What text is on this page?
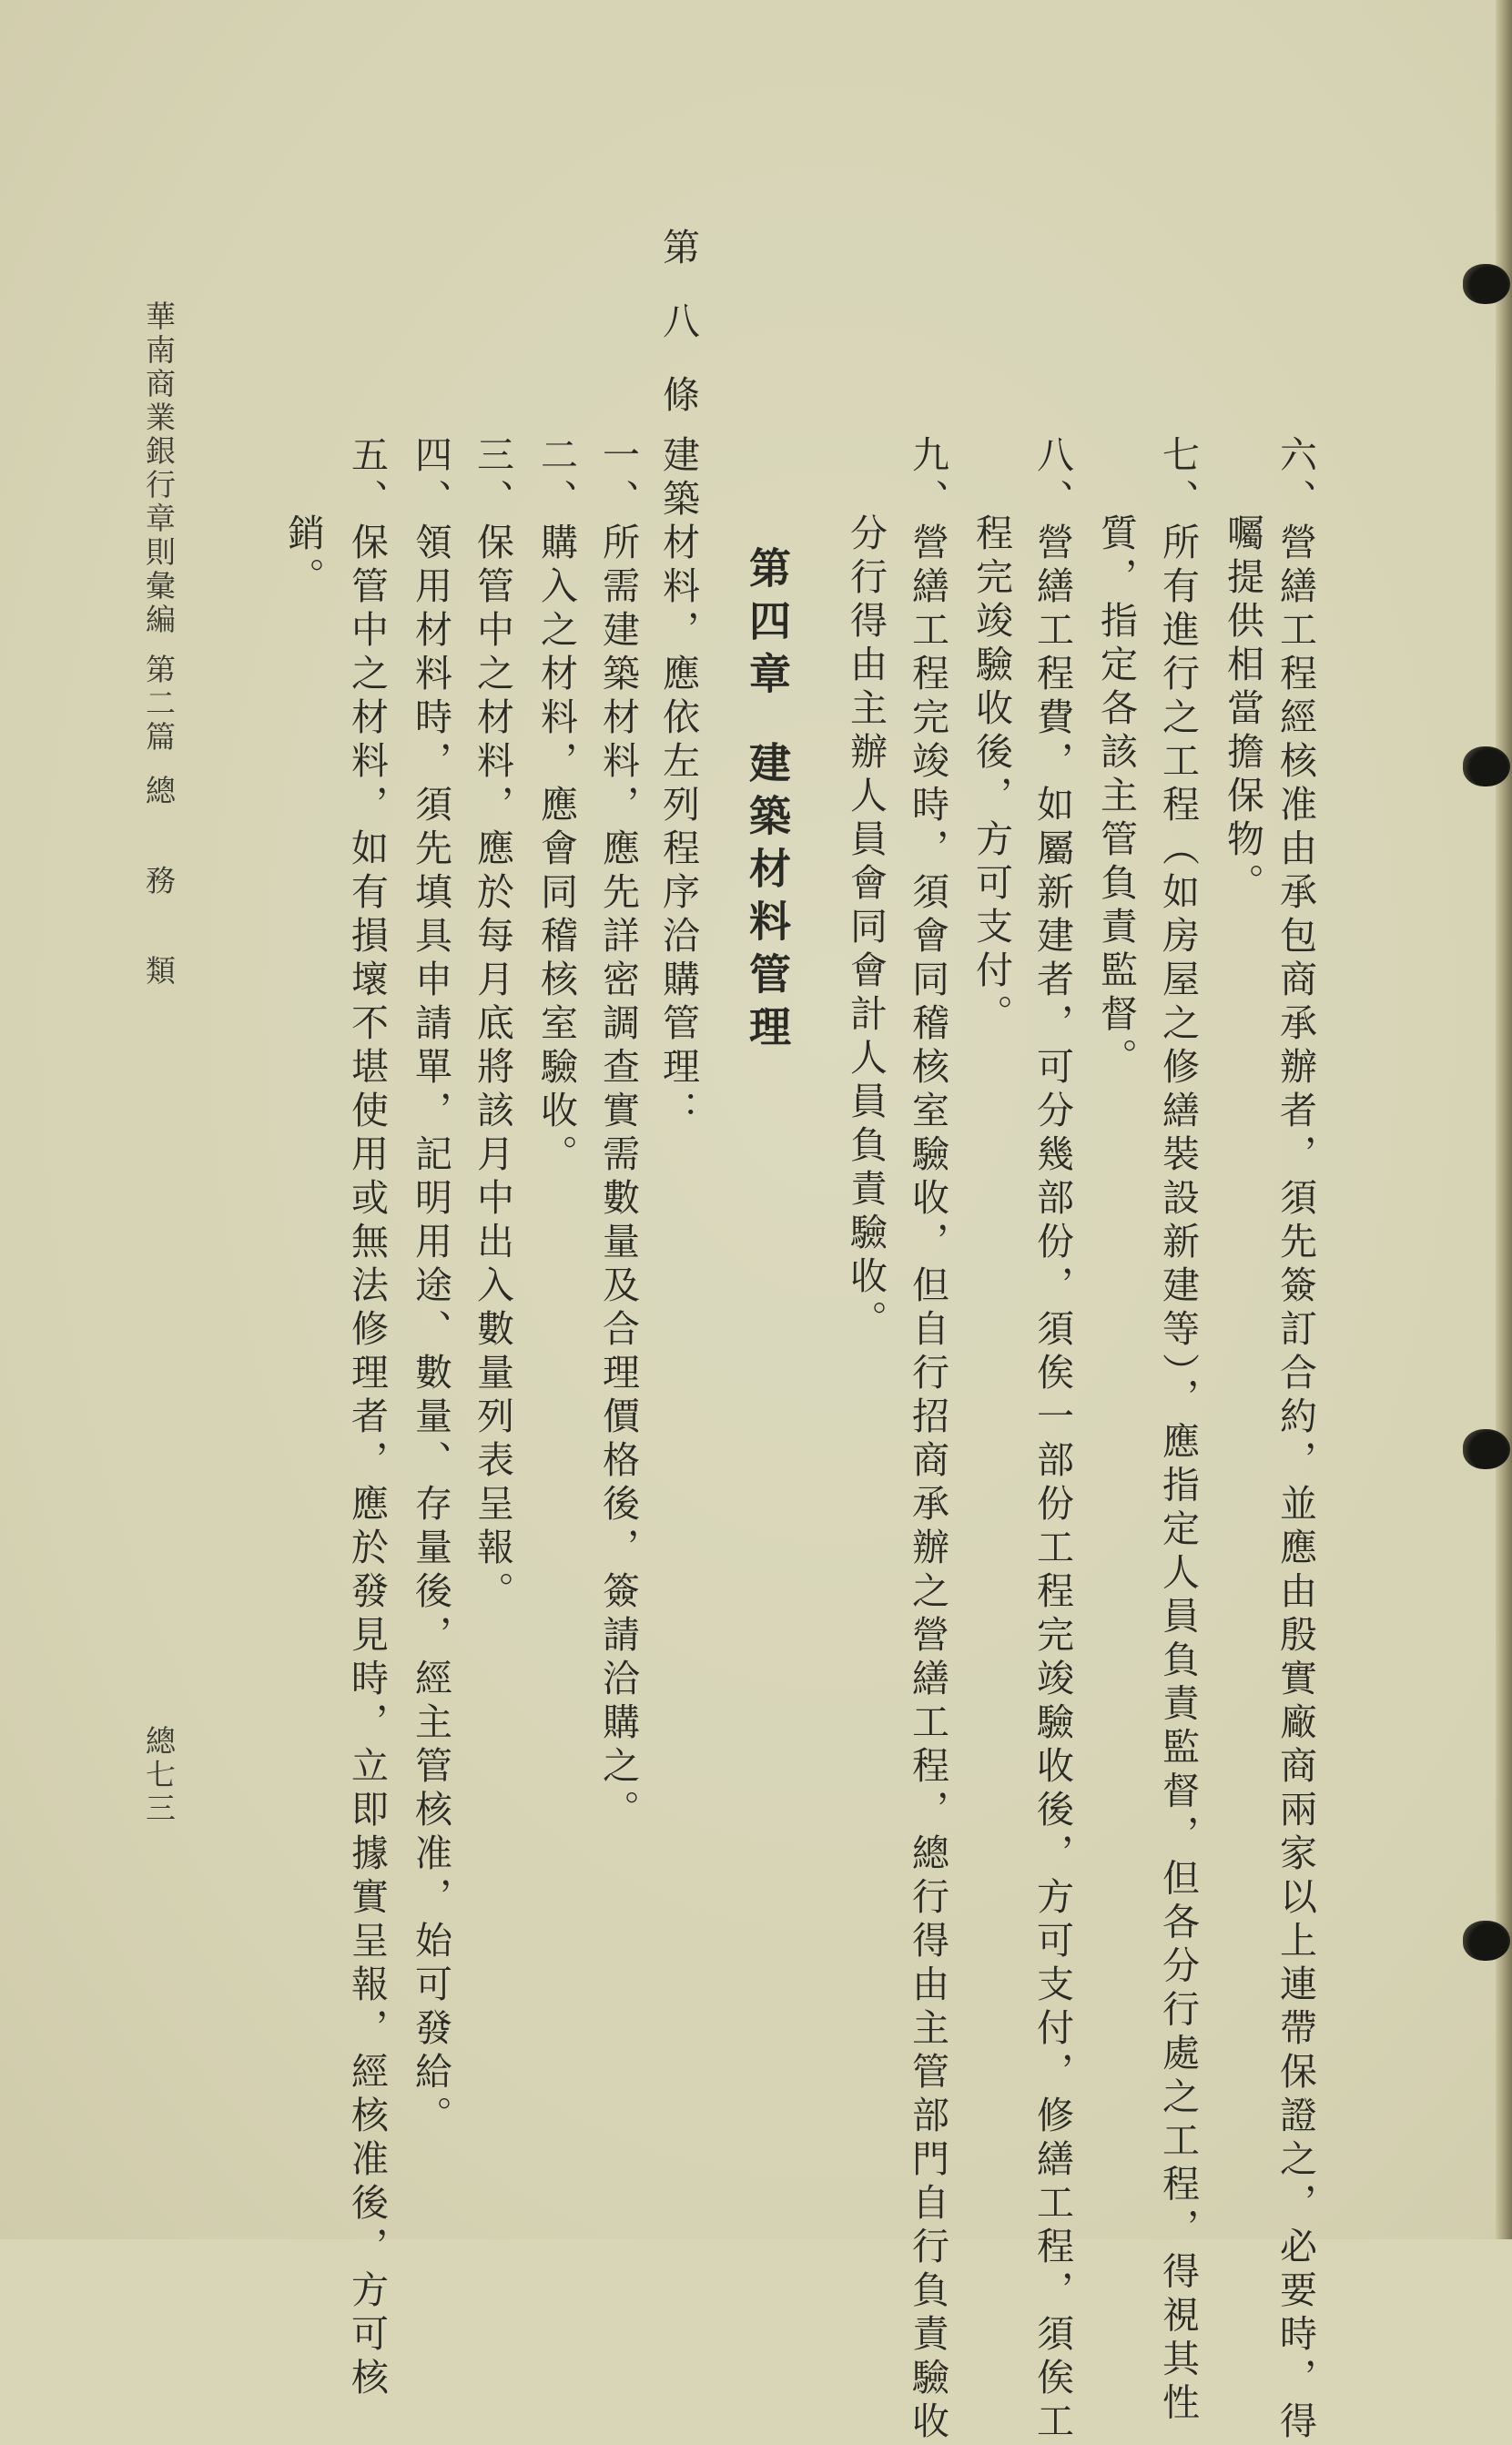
六、營繕工程經核准由承包商承辦者，須先簽訂合約，並應由殷實廠商兩家以上連帶保證之，必要時，得
囑提供相當擔保物。
七、所有進行之工程（如房屋之修繕裝設新建等），應指定人員負責監督，但各分行處之工程，得視其性
質，指定各該主管負責監督。
八、營繕工程費，如屬新建者，可分幾部份，須俟一部份工程完竣驗收後，方可支付，修繕工程，須俟工
程完竣驗收後，方可支付。
九、營繕工程完竣時，須會同稽核室驗收，但自行招商承辦之營繕工程，總行得由主管部門自行負責驗收
分行得由主辦人員會同會計人員負責驗收。
第四章建築材料管理
第八條
建築材料，應依左列程序洽購管理：
一、所需建築材料，應先詳密調查實需數量及合理價格後，簽請洽購之。
二、購入之材料，應會同稽核室驗收。
三、保管中之材料，應於每月底將該月中出入數量列表呈報。
四、領用材料時，須先填具申請單，記明用途、數量、存量後，經主管核准，始可發給。
五、保管中之材料，如有損壞不堪使用或無法修理者，應於發見時，立即據實呈報，經核准後，方可核
銷。
華南商業銀行章則彙編第二篇總務類
總七三
